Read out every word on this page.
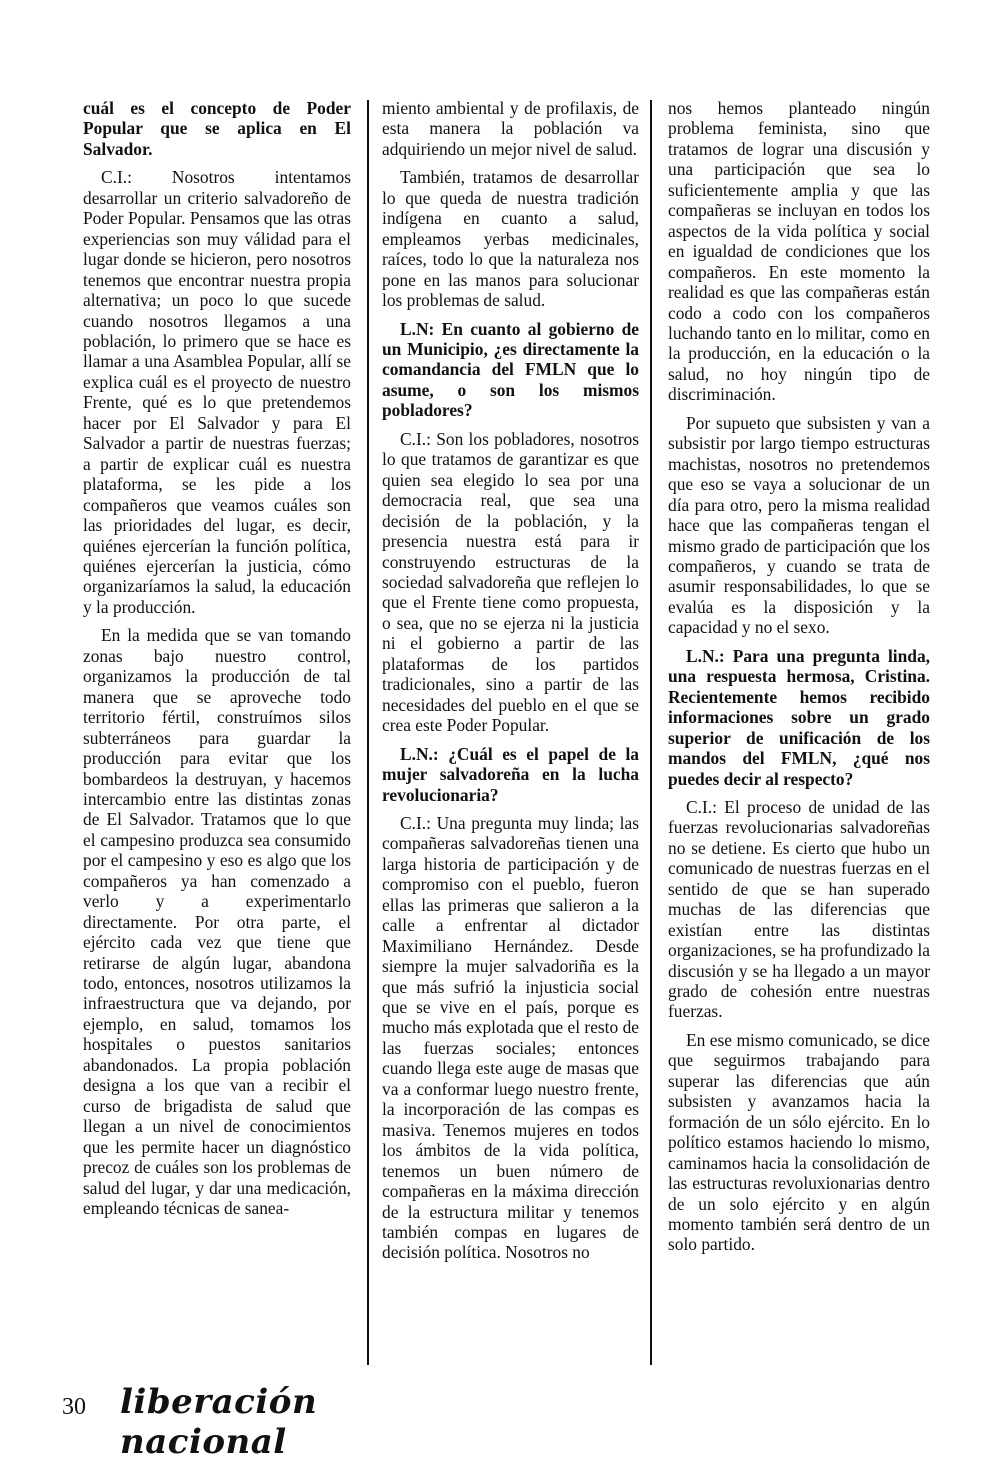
cuál es el concepto de Poder Popular que se aplica en El Salvador.

C.I.: Nosotros intentamos desarrollar un criterio salvadoreño de Poder Popular. Pensamos que las otras experiencias son muy válidad para el lugar donde se hicieron, pero nosotros tenemos que encontrar nuestra propia alternativa; un poco lo que sucede cuando nosotros llegamos a una población, lo primero que se hace es llamar a una Asamblea Popular, allí se explica cuál es el proyecto de nuestro Frente, qué es lo que pretendemos hacer por El Salvador y para El Salvador a partir de nuestras fuerzas; a partir de explicar cuál es nuestra plataforma, se les pide a los compañeros que veamos cuáles son las prioridades del lugar, es decir, quiénes ejercerían la función política, quiénes ejercerían la justicia, cómo organizaríamos la salud, la educación y la producción.

En la medida que se van tomando zonas bajo nuestro control, organizamos la producción de tal manera que se aproveche todo territorio fértil, construímos silos subterráneos para guardar la producción para evitar que los bombardeos la destruyan, y hacemos intercambio entre las distintas zonas de El Salvador. Tratamos que lo que el campesino produzca sea consumido por el campesino y eso es algo que los compañeros ya han comenzado a verlo y a experimentarlo directamente. Por otra parte, el ejército cada vez que tiene que retirarse de algún lugar, abandona todo, entonces, nosotros utilizamos la infraestructura que va dejando, por ejemplo, en salud, tomamos los hospitales o puestos sanitarios abandonados. La propia población designa a los que van a recibir el curso de brigadista de salud que llegan a un nivel de conocimientos que les permite hacer un diagnóstico precoz de cuáles son los problemas de salud del lugar, y dar una medicación, empleando técnicas de sanea-

miento ambiental y de profilaxis, de esta manera la población va adquiriendo un mejor nivel de salud.

También, tratamos de desarrollar lo que queda de nuestra tradición indígena en cuanto a salud, empleamos yerbas medicinales, raíces, todo lo que la naturaleza nos pone en las manos para solucionar los problemas de salud.

L.N: En cuanto al gobierno de un Municipio, ¿es directamente la comandancia del FMLN que lo asume, o son los mismos pobladores?

C.I.: Son los pobladores, nosotros lo que tratamos de garantizar es que quien sea elegido lo sea por una democracia real, que sea una decisión de la población, y la presencia nuestra está para ir construyendo estructuras de la sociedad salvadoreña que reflejen lo que el Frente tiene como propuesta, o sea, que no se ejerza ni la justicia ni el gobierno a partir de las plataformas de los partidos tradicionales, sino a partir de las necesidades del pueblo en el que se crea este Poder Popular.

L.N.: ¿Cuál es el papel de la mujer salvadoreña en la lucha revolucionaria?

C.I.: Una pregunta muy linda; las compañeras salvadoreñas tienen una larga historia de participación y de compromiso con el pueblo, fueron ellas las primeras que salieron a la calle a enfrentar al dictador Maximiliano Hernández. Desde siempre la mujer salvadoriña es la que más sufrió la injusticia social que se vive en el país, porque es mucho más explotada que el resto de las fuerzas sociales; entonces cuando llega este auge de masas que va a conformar luego nuestro frente, la incorporación de las compas es masiva. Tenemos mujeres en todos los ámbitos de la vida política, tenemos un buen número de compañeras en la máxima dirección de la estructura militar y tenemos también compas en lugares de decisión política. Nosotros no

nos hemos planteado ningún problema feminista, sino que tratamos de lograr una discusión y una participación que sea lo suficientemente amplia y que las compañeras se incluyan en todos los aspectos de la vida política y social en igualdad de condiciones que los compañeros. En este momento la realidad es que las compañeras están codo a codo con los compañeros luchando tanto en lo militar, como en la producción, en la educación o la salud, no hoy ningún tipo de discriminación.

Por supueto que subsisten y van a subsistir por largo tiempo estructuras machistas, nosotros no pretendemos que eso se vaya a solucionar de un día para otro, pero la misma realidad hace que las compañeras tengan el mismo grado de participación que los compañeros, y cuando se trata de asumir responsabilidades, lo que se evalúa es la disposición y la capacidad y no el sexo.

L.N.: Para una pregunta linda, una respuesta hermosa, Cristina. Recientemente hemos recibido informaciones sobre un grado superior de unificación de los mandos del FMLN, ¿qué nos puedes decir al respecto?

C.I.: El proceso de unidad de las fuerzas revolucionarias salvadoreñas no se detiene. Es cierto que hubo un comunicado de nuestras fuerzas en el sentido de que se han superado muchas de las diferencias que existían entre las distintas organizaciones, se ha profundizado la discusión y se ha llegado a un mayor grado de cohesión entre nuestras fuerzas.

En ese mismo comunicado, se dice que seguirmos trabajando para superar las diferencias que aún subsisten y avanzamos hacia la formación de un sólo ejército. En lo político estamos haciendo lo mismo, caminamos hacia la consolidación de las estructuras revoluxionarias dentro de un solo ejército y en algún momento también será dentro de un solo partido.

30 liberación nacional
